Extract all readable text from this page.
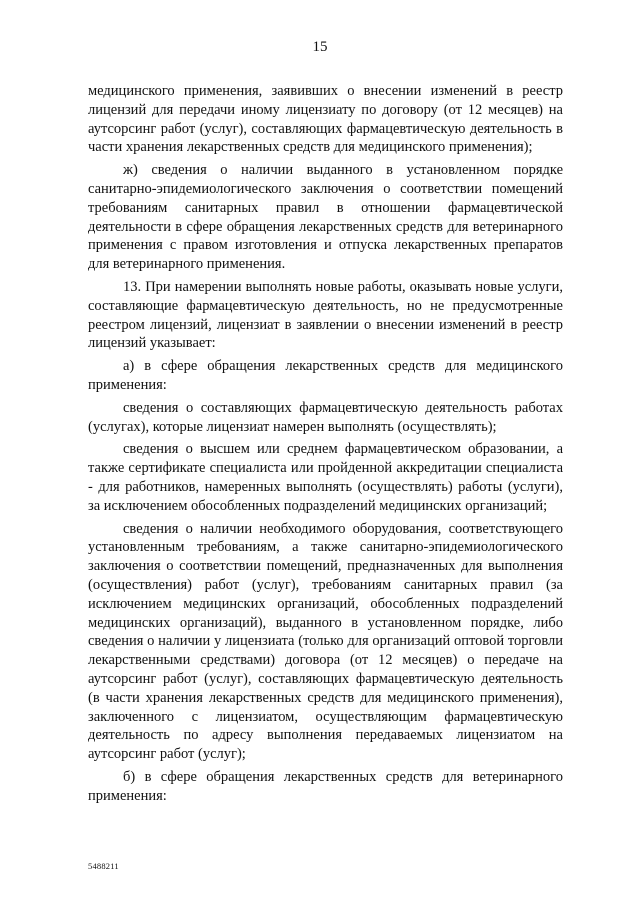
15

медицинского применения, заявивших о внесении изменений в реестр лицензий для передачи иному лицензиату по договору (от 12 месяцев) на аутсорсинг работ (услуг), составляющих фармацевтическую деятельность в части хранения лекарственных средств для медицинского применения);

ж) сведения о наличии выданного в установленном порядке санитарно-эпидемиологического заключения о соответствии помещений требованиям санитарных правил в отношении фармацевтической деятельности в сфере обращения лекарственных средств для ветеринарного применения с правом изготовления и отпуска лекарственных препаратов для ветеринарного применения.

13. При намерении выполнять новые работы, оказывать новые услуги, составляющие фармацевтическую деятельность, но не предусмотренные реестром лицензий, лицензиат в заявлении о внесении изменений в реестр лицензий указывает:

а) в сфере обращения лекарственных средств для медицинского применения:

сведения о составляющих фармацевтическую деятельность работах (услугах), которые лицензиат намерен выполнять (осуществлять);

сведения о высшем или среднем фармацевтическом образовании, а также сертификате специалиста или пройденной аккредитации специалиста - для работников, намеренных выполнять (осуществлять) работы (услуги), за исключением обособленных подразделений медицинских организаций;

сведения о наличии необходимого оборудования, соответствующего установленным требованиям, а также санитарно-эпидемиологического заключения о соответствии помещений, предназначенных для выполнения (осуществления) работ (услуг), требованиям санитарных правил (за исключением медицинских организаций, обособленных подразделений медицинских организаций), выданного в установленном порядке, либо сведения о наличии у лицензиата (только для организаций оптовой торговли лекарственными средствами) договора (от 12 месяцев) о передаче на аутсорсинг работ (услуг), составляющих фармацевтическую деятельность (в части хранения лекарственных средств для медицинского применения), заключенного с лицензиатом, осуществляющим фармацевтическую деятельность по адресу выполнения передаваемых лицензиатом на аутсорсинг работ (услуг);

б) в сфере обращения лекарственных средств для ветеринарного применения:

5488211
